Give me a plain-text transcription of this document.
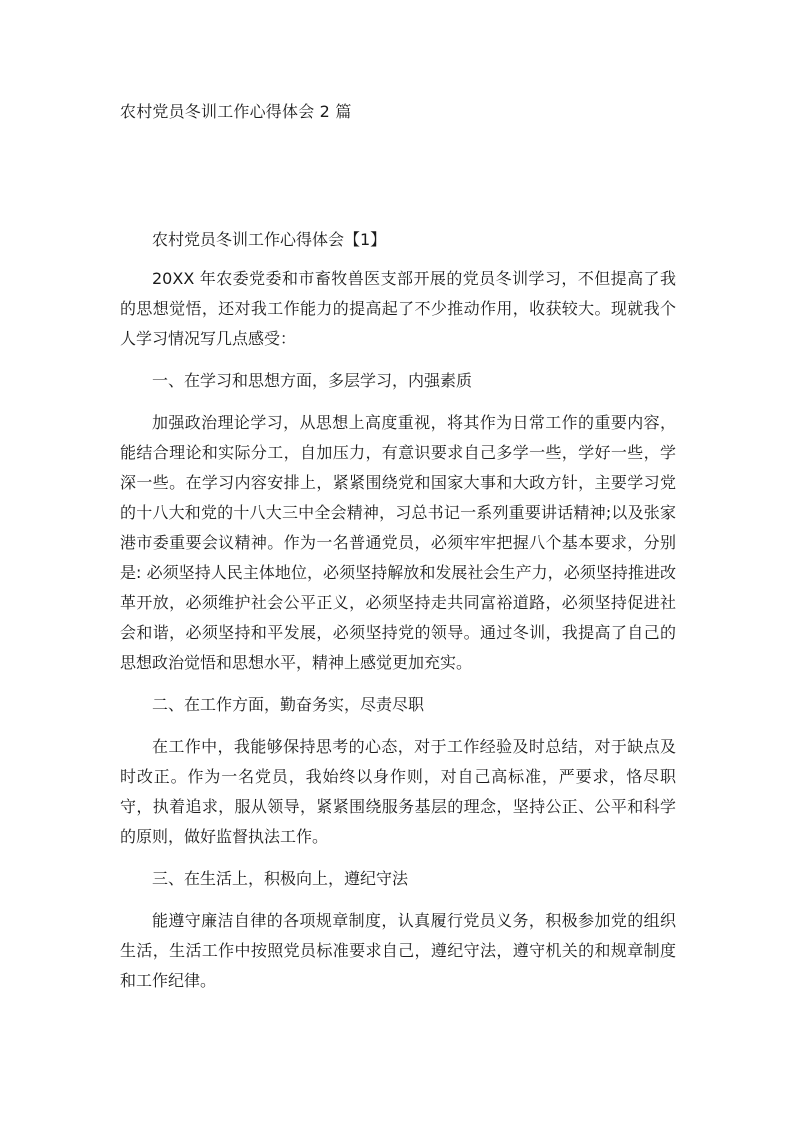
农村党员冬训工作心得体会 2 篇

农村党员冬训工作心得体会【1】

20XX 年农委党委和市畜牧兽医支部开展的党员冬训学习，不但提高了我的思想觉悟，还对我工作能力的提高起了不少推动作用，收获较大。现就我个人学习情况写几点感受：

一、在学习和思想方面，多层学习，内强素质

加强政治理论学习，从思想上高度重视，将其作为日常工作的重要内容，能结合理论和实际分工，自加压力，有意识要求自己多学一些，学好一些，学深一些。在学习内容安排上，紧紧围绕党和国家大事和大政方针，主要学习党的十八大和党的十八大三中全会精神，习总书记一系列重要讲话精神;以及张家港市委重要会议精神。作为一名普通党员，必须牢牢把握八个基本要求，分别是: 必须坚持人民主体地位，必须坚持解放和发展社会生产力，必须坚持推进改革开放，必须维护社会公平正义，必须坚持走共同富裕道路，必须坚持促进社会和谐，必须坚持和平发展，必须坚持党的领导。通过冬训，我提高了自己的思想政治觉悟和思想水平，精神上感觉更加充实。

二、在工作方面，勤奋务实，尽责尽职

在工作中，我能够保持思考的心态，对于工作经验及时总结，对于缺点及时改正。作为一名党员，我始终以身作则，对自己高标准，严要求，恪尽职守，执着追求，服从领导，紧紧围绕服务基层的理念，坚持公正、公平和科学的原则，做好监督执法工作。

三、在生活上，积极向上，遵纪守法

能遵守廉洁自律的各项规章制度，认真履行党员义务，积极参加党的组织生活，生活工作中按照党员标准要求自己，遵纪守法，遵守机关的和规章制度和工作纪律。
